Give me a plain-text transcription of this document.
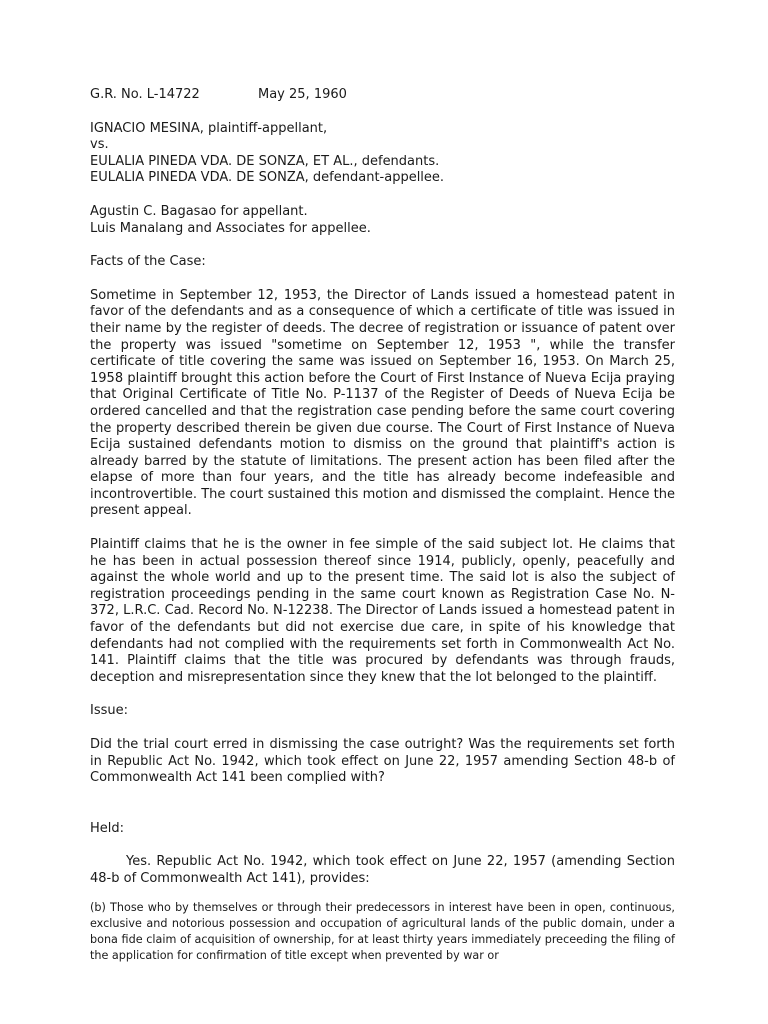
G.R. No. L-14722	May 25, 1960
IGNACIO MESINA, plaintiff-appellant,
vs.
EULALIA PINEDA VDA. DE SONZA, ET AL., defendants.
EULALIA PINEDA VDA. DE SONZA, defendant-appellee.
Agustin C. Bagasao for appellant.
Luis Manalang and Associates for appellee.
Facts of the Case:

Sometime in September 12, 1953, the Director of Lands issued a homestead patent in favor of the defendants and as a consequence of which a certificate of title was issued in their name by the register of deeds. The decree of registration or issuance of patent over the property was issued "sometime on September 12, 1953 ", while the transfer certificate of title covering the same was issued on September 16, 1953. On March 25, 1958 plaintiff brought this action before the Court of First Instance of Nueva Ecija praying that Original Certificate of Title No. P-1137 of the Register of Deeds of Nueva Ecija be ordered cancelled and that the registration case pending before the same court covering the property described therein be given due course. The Court of First Instance of Nueva Ecija sustained defendants motion to dismiss on the ground that plaintiff's action is already barred by the statute of limitations. The present action has been filed after the elapse of more than four years, and the title has already become indefeasible and incontrovertible. The court sustained this motion and dismissed the complaint. Hence the present appeal.

Plaintiff claims that he is the owner in fee simple of the said subject lot. He claims that he has been in actual possession thereof since 1914, publicly, openly, peacefully and against the whole world and up to the present time. The said lot is also the subject of registration proceedings pending in the same court known as Registration Case No. N-372, L.R.C. Cad. Record No. N-12238. The Director of Lands issued a homestead patent in favor of the defendants but did not exercise due care, in spite of his knowledge that defendants had not complied with the requirements set forth in Commonwealth Act No. 141. Plaintiff claims that the title was procured by defendants was through frauds, deception and misrepresentation since they knew that the lot belonged to the plaintiff.

Issue:

Did the trial court erred in dismissing the case outright? Was the requirements set forth in Republic Act No. 1942, which took effect on June 22, 1957 amending Section 48-b of Commonwealth Act 141 been complied with?

Held:

Yes. Republic Act No. 1942, which took effect on June 22, 1957 (amending Section 48-b of Commonwealth Act 141), provides:

(b) Those who by themselves or through their predecessors in interest have been in open, continuous, exclusive and notorious possession and occupation of agricultural lands of the public domain, under a bona fide claim of acquisition of ownership, for at least thirty years immediately preceeding the filing of the application for confirmation of title except when prevented by war or
